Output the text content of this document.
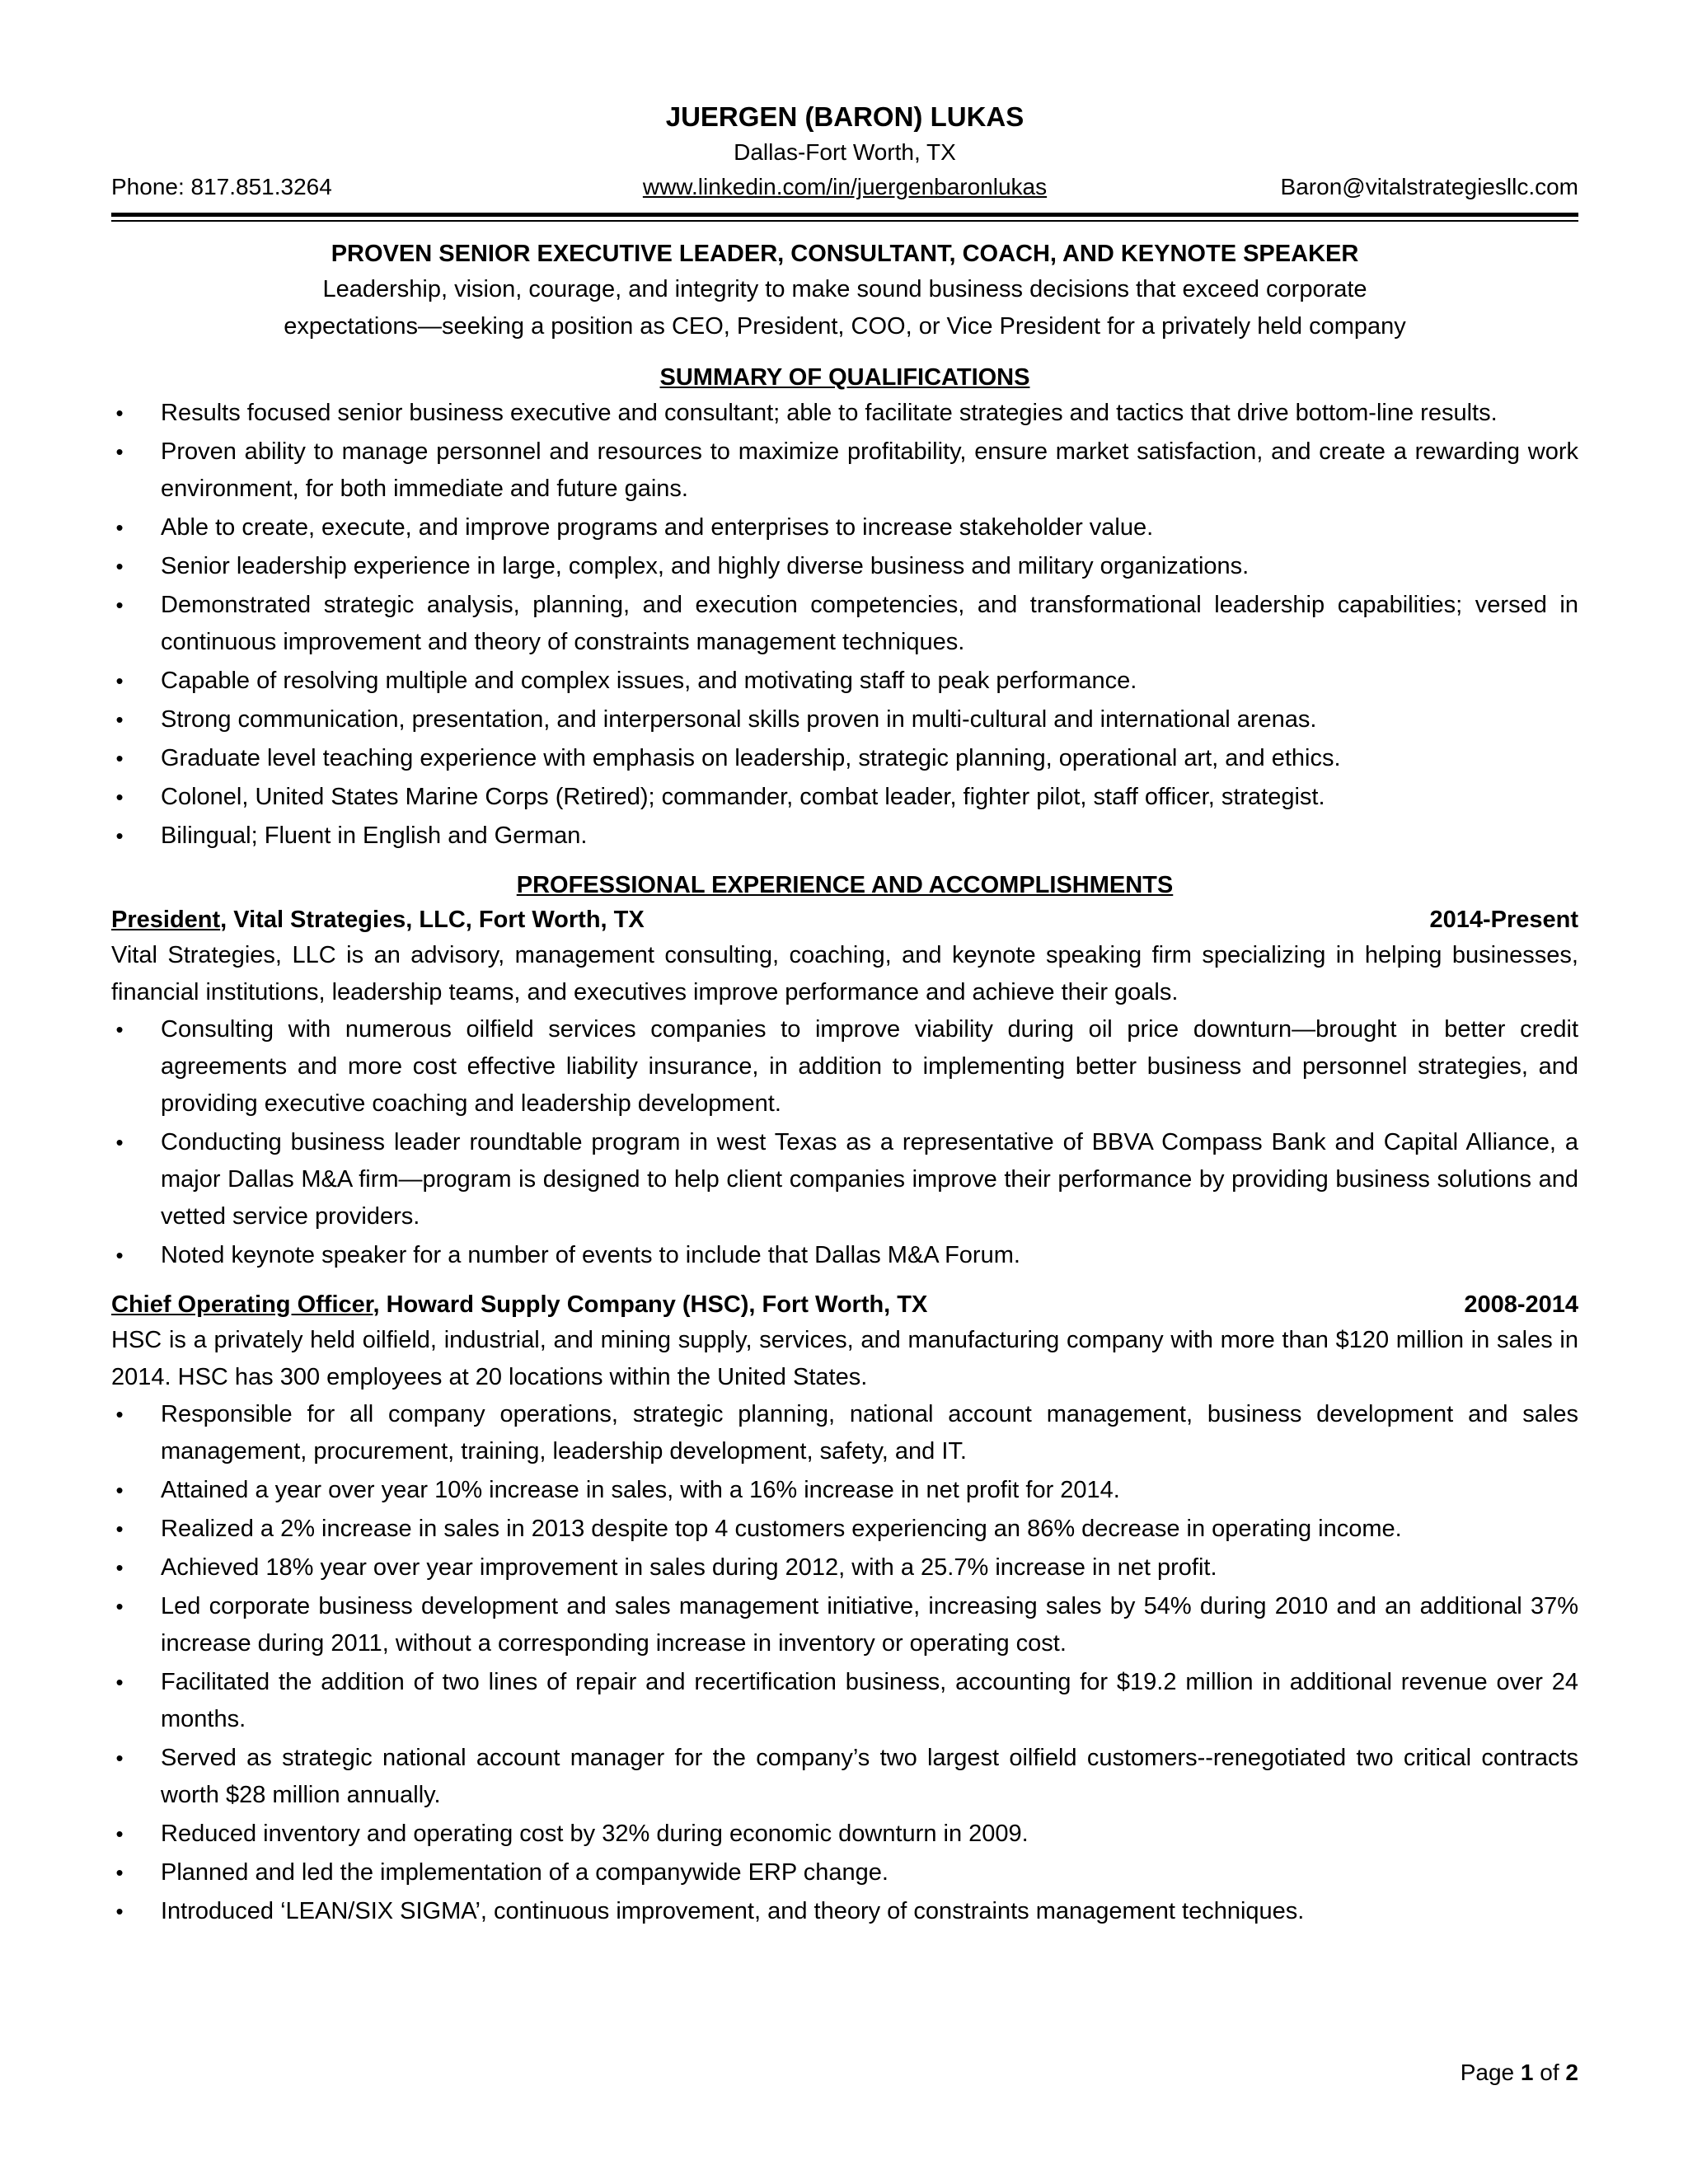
JUERGEN (BARON) LUKAS
Dallas-Fort Worth, TX
Phone: 817.851.3264	www.linkedin.com/in/juergenbaronlukas	Baron@vitalstrategiesllc.com
PROVEN SENIOR EXECUTIVE LEADER, CONSULTANT, COACH, AND KEYNOTE SPEAKER
Leadership, vision, courage, and integrity to make sound business decisions that exceed corporate
expectations—seeking a position as CEO, President, COO, or Vice President for a privately held company
SUMMARY OF QUALIFICATIONS
• Results focused senior business executive and consultant; able to facilitate strategies and tactics that drive bottom-line results.
• Proven ability to manage personnel and resources to maximize profitability, ensure market satisfaction, and create a rewarding work environment, for both immediate and future gains.
• Able to create, execute, and improve programs and enterprises to increase stakeholder value.
• Senior leadership experience in large, complex, and highly diverse business and military organizations.
• Demonstrated strategic analysis, planning, and execution competencies, and transformational leadership capabilities; versed in continuous improvement and theory of constraints management techniques.
• Capable of resolving multiple and complex issues, and motivating staff to peak performance.
• Strong communication, presentation, and interpersonal skills proven in multi-cultural and international arenas.
• Graduate level teaching experience with emphasis on leadership, strategic planning, operational art, and ethics.
• Colonel, United States Marine Corps (Retired); commander, combat leader, fighter pilot, staff officer, strategist.
• Bilingual; Fluent in English and German.
PROFESSIONAL EXPERIENCE AND ACCOMPLISHMENTS
President, Vital Strategies, LLC, Fort Worth, TX	2014-Present
Vital Strategies, LLC is an advisory, management consulting, coaching, and keynote speaking firm specializing in helping businesses, financial institutions, leadership teams, and executives improve performance and achieve their goals.
• Consulting with numerous oilfield services companies to improve viability during oil price downturn—brought in better credit agreements and more cost effective liability insurance, in addition to implementing better business and personnel strategies, and providing executive coaching and leadership development.
• Conducting business leader roundtable program in west Texas as a representative of BBVA Compass Bank and Capital Alliance, a major Dallas M&A firm—program is designed to help client companies improve their performance by providing business solutions and vetted service providers.
• Noted keynote speaker for a number of events to include that Dallas M&A Forum.
Chief Operating Officer, Howard Supply Company (HSC), Fort Worth, TX	2008-2014
HSC is a privately held oilfield, industrial, and mining supply, services, and manufacturing company with more than $120 million in sales in 2014. HSC has 300 employees at 20 locations within the United States.
• Responsible for all company operations, strategic planning, national account management, business development and sales management, procurement, training, leadership development, safety, and IT.
• Attained a year over year 10% increase in sales, with a 16% increase in net profit for 2014.
• Realized a 2% increase in sales in 2013 despite top 4 customers experiencing an 86% decrease in operating income.
• Achieved 18% year over year improvement in sales during 2012, with a 25.7% increase in net profit.
• Led corporate business development and sales management initiative, increasing sales by 54% during 2010 and an additional 37% increase during 2011, without a corresponding increase in inventory or operating cost.
• Facilitated the addition of two lines of repair and recertification business, accounting for $19.2 million in additional revenue over 24 months.
• Served as strategic national account manager for the company’s two largest oilfield customers--renegotiated two critical contracts worth $28 million annually.
• Reduced inventory and operating cost by 32% during economic downturn in 2009.
• Planned and led the implementation of a companywide ERP change.
• Introduced ‘LEAN/SIX SIGMA’, continuous improvement, and theory of constraints management techniques.
Page 1 of 2
